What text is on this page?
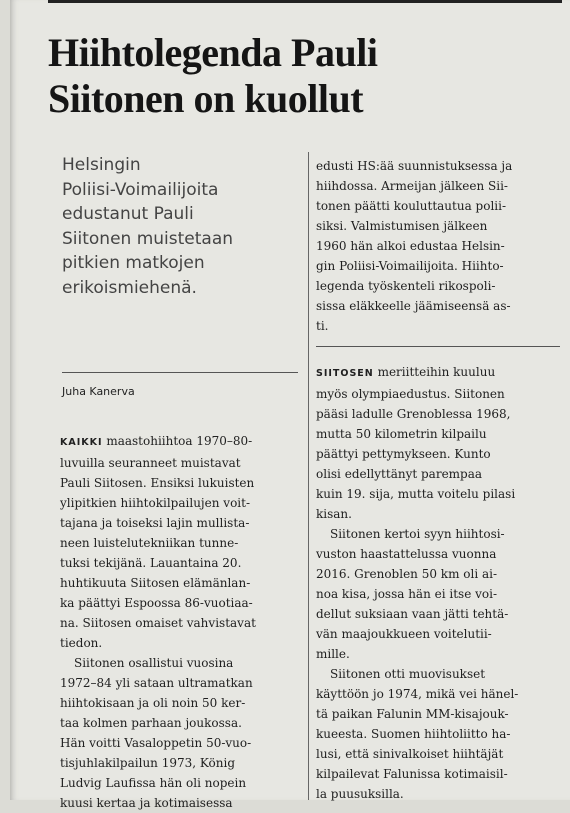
Hiihtolegenda Pauli
Siitonen on kuollut
Helsingin
Poliisi-Voimailijoita
edustanut Pauli
Siitonen muistetaan
pitkien matkojen
erikoismiehenä.
Juha Kanerva
KAIKKI maastohiihtoa 1970–80-
luvuilla seuranneet muistavat
Pauli Siitosen. Ensiksi lukuisten
ylipitkien hiihtokilpailujen voit-
tajana ja toiseksi lajin mullista-
neen luistelutekniikan tunne-
tuksi tekijänä. Lauantaina 20.
huhtikuuta Siitosen elämänlan-
ka päättyi Espoossa 86-vuotiaa-
na. Siitosen omaiset vahvistavat
tiedon.
Siitonen osallistui vuosina
1972–84 yli sataan ultramatkan
hiihtokisaan ja oli noin 50 ker-
taa kolmen parhaan joukossa.
Hän voitti Vasaloppetin 50-vuo-
tisjuhlakilpailun 1973, König
Ludvig Laufissa hän oli nopein
kuusi kertaa ja kotimaisessa
edusti HS:ää suunnistuksessa ja
hiihdossa. Armeijan jälkeen Sii-
tonen päätti kouluttautua polii-
siksi. Valmistumisen jälkeen
1960 hän alkoi edustaa Helsin-
gin Poliisi-Voimailijoita. Hiihto-
legenda työskenteli rikospoli-
sissa eläkkeelle jäämiseensä as-
ti.
SIITOSEN meriitteihin kuuluu
myös olympiaedustus. Siitonen
pääsi ladulle Grenoblessa 1968,
mutta 50 kilometrin kilpailu
päättyi pettymykseen. Kunto
olisi edellyttänyt parempaa
kuin 19. sija, mutta voitelu pilasi
kisan.
Siitonen kertoi syyn hiihtosi-
vuston haastattelussa vuonna
2016. Grenoblen 50 km oli ai-
noa kisa, jossa hän ei itse voi-
dellut suksiaan vaan jätti tehtä-
vän maajoukkueen voitelutii-
mille.
Siitonen otti muovisukset
käyttöön jo 1974, mikä vei hänel-
tä paikan Falunin MM-kisajouk-
kueesta. Suomen hiihtoliitto ha-
lusi, että sinivalkoiset hiihtäjät
kilpailevat Falunissa kotimaisil-
la puusuksilla.
